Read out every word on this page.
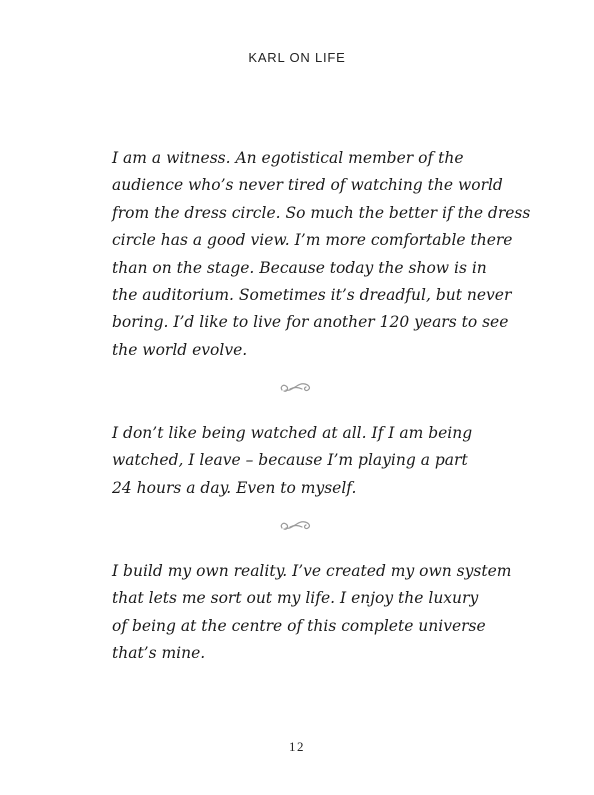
KARL ON LIFE
I am a witness. An egotistical member of the
audience who’s never tired of watching the world
from the dress circle. So much the better if the dress
circle has a good view. I’m more comfortable there
than on the stage. Because today the show is in
the auditorium. Sometimes it’s dreadful, but never
boring. I’d like to live for another 120 years to see
the world evolve.
I don’t like being watched at all. If I am being
watched, I leave – because I’m playing a part
24 hours a day. Even to myself.
I build my own reality. I’ve created my own system
that lets me sort out my life. I enjoy the luxury
of being at the centre of this complete universe
that’s mine.
12
